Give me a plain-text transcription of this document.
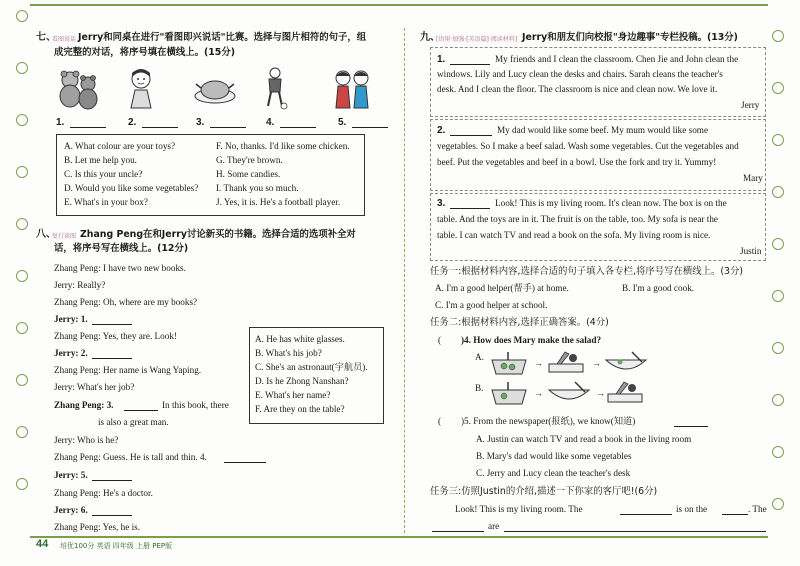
七、
看图说话 Jerry和同桌在进行"看图即兴说话"比赛。选择与图片相符的句子，组
成完整的对话，将序号填在横线上。(15分)
1.	2.	3.	4.	5.
A. What colour are your toys?
B. Let me help you.
C. Is this your uncle?
D. Would you like some vegetables?
E. What's in your box?
F. No, thanks. I'd like some chicken.
G. They're brown.
H. Some candies.
I. Thank you so much.
J. Yes, it is. He's a football player.
八、
复行读图 Zhang Peng在和Jerry讨论新买的书籍。选择合适的选项补全对
话，将序号写在横线上。(12分)
Zhang Peng: I have two new books.
Jerry: Really?
Zhang Peng: Oh, where are my books?
Jerry: 1.
Zhang Peng: Yes, they are. Look!
Jerry: 2.
Zhang Peng: Her name is Wang Yaping.
Jerry: What's her job?
Zhang Peng: 3.	In this book, there
is also a great man.
Jerry: Who is he?
Zhang Peng: Guess. He is tall and thin. 4.
Jerry: 5.
Zhang Peng: He's a doctor.
Jerry: 6.
Zhang Peng: Yes, he is.
A. He has white glasses.
B. What's his job?
C. She's an astronaut(宇航员).
D. Is he Zhong Nanshan?
E. What's her name?
F. Are they on the table?
44 培优100分 英语 四年级 上册 PEP版
九、
[语用·加强·[英语篇]·阅读材料] Jerry和朋友们向校报"身边趣事"专栏投稿。(13分)
1.	My friends and I clean the classroom. Chen Jie and John clean the
windows. Lily and Lucy clean the desks and chairs. Sarah cleans the teacher's
desk. And I clean the floor. The classroom is nice and clean now. We love it.
Jerry
2.	My dad would like some beef. My mum would like some
vegetables. So I make a beef salad. Wash some vegetables. Cut the vegetables and
beef. Put the vegetables and beef in a bowl. Use the fork and try it. Yummy!
Mary
3.	Look! This is my living room. It's clean now. The box is on the
table. And the toys are in it. The fruit is on the table, too. My sofa is near the
table. I can watch TV and read a book on the sofa. My living room is nice.
Justin
任务一:根据材料内容,选择合适的句子填入各专栏,将序号写在横线上。(3分)
A. I'm a good helper(帮手) at home.	B. I'm a good cook.
C. I'm a good helper at school.
任务二:根据材料内容,选择正确答案。(4分)
( )4. How does Mary make the salad?
A.
B.
→	→
→	→
( )5. From the newspaper(报纸), we know(知道)
A. Justin can watch TV and read a book in the living room
B. Mary's dad would like some vegetables
C. Jerry and Lucy clean the teacher's desk
任务三:仿照Justin的介绍,描述一下你家的客厅吧!(6分)
Look! This is my living room. The	is on the	. The
are
